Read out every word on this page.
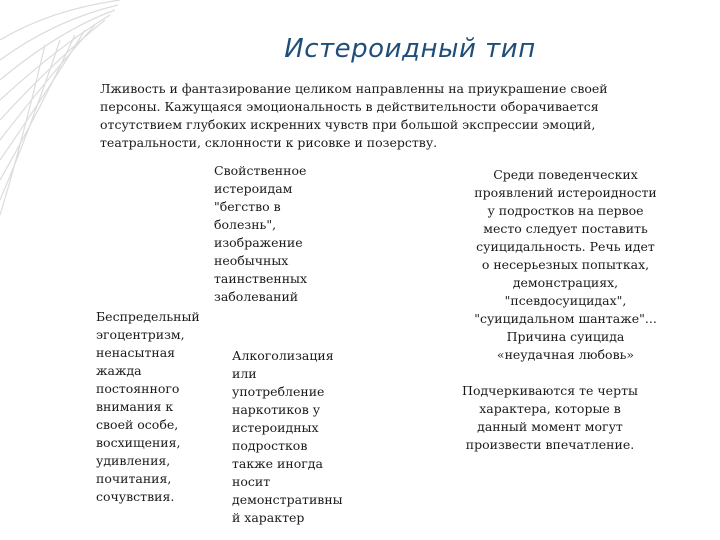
Истероидный тип
Лживость и фантазирование целиком направленны на приукрашение своей
персоны. Кажущаяся эмоциональность в действительности оборачивается
отсутствием глубоких искренних чувств при большой экспрессии эмоций,
театральности, склонности к рисовке и позерству.
Свойственное
истероидам
"бегство в
болезнь",
изображение
необычных
таинственных
заболеваний
Беспредельный
эгоцентризм,
ненасытная
жажда
постоянного
внимания к
своей особе,
восхищения,
удивления,
почитания,
сочувствия.
Алкоголизация
или
употребление
наркотиков у
истероидных
подростков
также иногда
носит
демонстративны
й характер
Среди поведенческих
проявлений истероидности
у подростков на первое
место следует поставить
суицидальность. Речь идет
о несерьезных попытках,
демонстрациях,
"псевдосуицидах",
"суицидальном шантаже"...
Причина суицида
«неудачная любовь»
Подчеркиваются те черты
характера, которые в
данный момент могут
произвести впечатление.
